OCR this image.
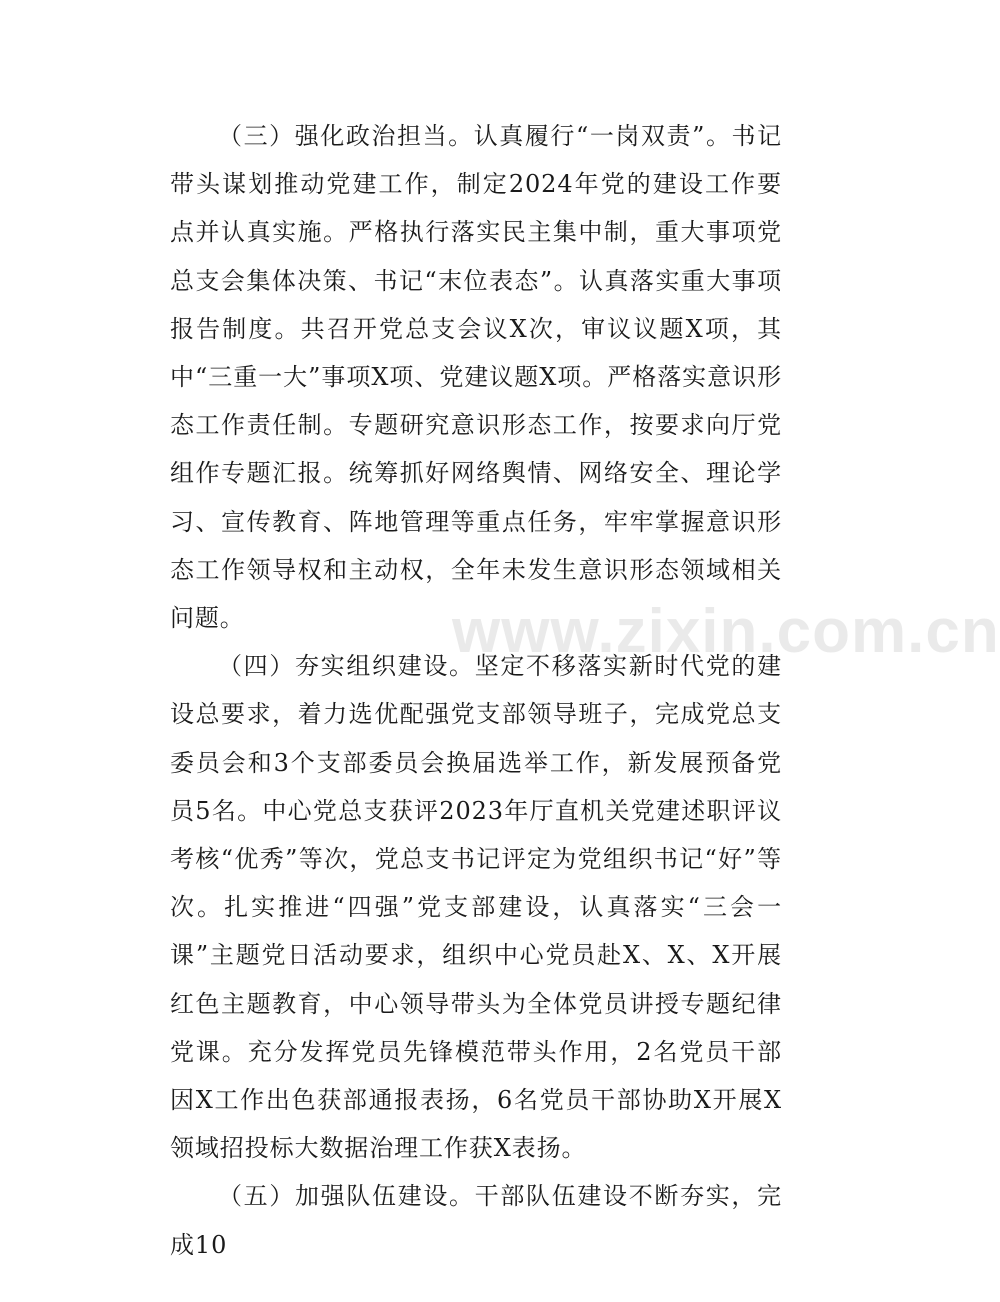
（三）强化政治担当。认真履行“一岗双责”。书记带头谋划推动党建工作，制定2024年党的建设工作要点并认真实施。严格执行落实民主集中制，重大事项党总支会集体决策、书记“末位表态”。认真落实重大事项报告制度。共召开党总支会议X次，审议议题X项，其中“三重一大”事项X项、党建议题X项。严格落实意识形态工作责任制。专题研究意识形态工作，按要求向厅党组作专题汇报。统筹抓好网络舆情、网络安全、理论学习、宣传教育、阵地管理等重点任务，牢牢掌握意识形态工作领导权和主动权，全年未发生意识形态领域相关问题。

（四）夯实组织建设。坚定不移落实新时代党的建设总要求，着力选优配强党支部领导班子，完成党总支委员会和3个支部委员会换届选举工作，新发展预备党员5名。中心党总支获评2023年厅直机关党建述职评议考核“优秀”等次，党总支书记评定为党组织书记“好”等次。扎实推进“四强”党支部建设，认真落实“三会一课”主题党日活动要求，组织中心党员赴X、X、X开展红色主题教育，中心领导带头为全体党员讲授专题纪律党课。充分发挥党员先锋模范带头作用，2名党员干部因X工作出色获部通报表扬，6名党员干部协助X开展X领域招投标大数据治理工作获X表扬。

（五）加强队伍建设。干部队伍建设不断夯实，完成10

www.zixin.com.cn
